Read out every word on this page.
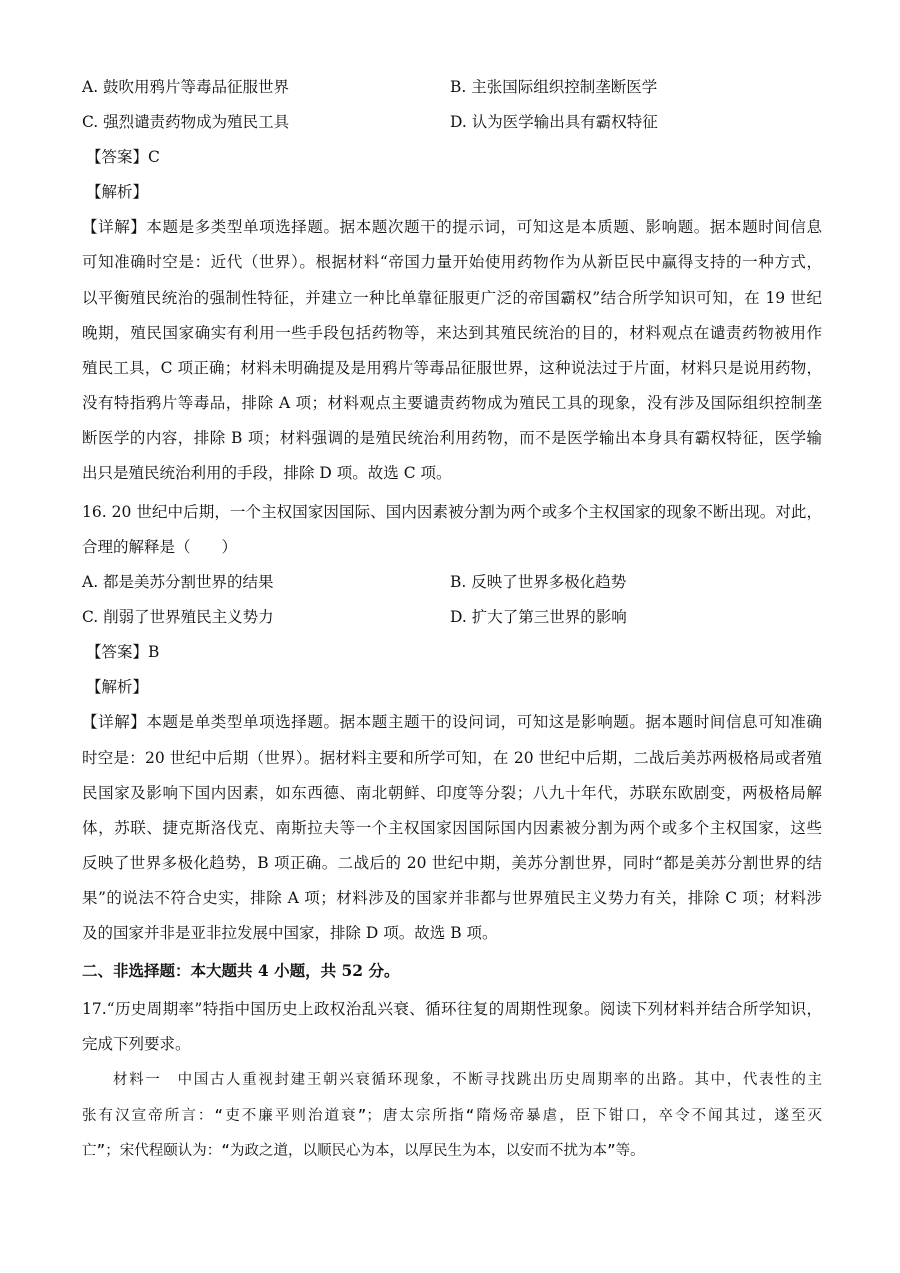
A. 鼓吹用鸦片等毒品征服世界	B. 主张国际组织控制垄断医学
C. 强烈谴责药物成为殖民工具	D. 认为医学输出具有霸权特征
【答案】C
【解析】
【详解】本题是多类型单项选择题。据本题次题干的提示词，可知这是本质题、影响题。据本题时间信息
可知准确时空是：近代（世界）。根据材料“帝国力量开始使用药物作为从新臣民中赢得支持的一种方式，
以平衡殖民统治的强制性特征，并建立一种比单靠征服更广泛的帝国霸权”结合所学知识可知，在 19 世纪
晚期，殖民国家确实有利用一些手段包括药物等，来达到其殖民统治的目的，材料观点在谴责药物被用作
殖民工具，C 项正确；材料未明确提及是用鸦片等毒品征服世界，这种说法过于片面，材料只是说用药物，
没有特指鸦片等毒品，排除 A 项；材料观点主要谴责药物成为殖民工具的现象，没有涉及国际组织控制垄
断医学的内容，排除 B 项；材料强调的是殖民统治利用药物，而不是医学输出本身具有霸权特征，医学输
出只是殖民统治利用的手段，排除 D 项。故选 C 项。
16. 20 世纪中后期，一个主权国家因国际、国内因素被分割为两个或多个主权国家的现象不断出现。对此，
合理的解释是（　　）
A. 都是美苏分割世界的结果	B. 反映了世界多极化趋势
C. 削弱了世界殖民主义势力	D. 扩大了第三世界的影响
【答案】B
【解析】
【详解】本题是单类型单项选择题。据本题主题干的设问词，可知这是影响题。据本题时间信息可知准确
时空是：20 世纪中后期（世界）。据材料主要和所学可知，在 20 世纪中后期，二战后美苏两极格局或者殖
民国家及影响下国内因素，如东西德、南北朝鲜、印度等分裂；八九十年代，苏联东欧剧变，两极格局解
体，苏联、捷克斯洛伐克、南斯拉夫等一个主权国家因国际国内因素被分割为两个或多个主权国家，这些
反映了世界多极化趋势，B 项正确。二战后的 20 世纪中期，美苏分割世界，同时“都是美苏分割世界的结
果”的说法不符合史实，排除 A 项；材料涉及的国家并非都与世界殖民主义势力有关，排除 C 项；材料涉
及的国家并非是亚非拉发展中国家，排除 D 项。故选 B 项。
二、非选择题：本大题共 4 小题，共 52 分。
17.“历史周期率”特指中国历史上政权治乱兴衰、循环往复的周期性现象。阅读下列材料并结合所学知识，
完成下列要求。
材料一　中国古人重视封建王朝兴衰循环现象，不断寻找跳出历史周期率的出路。其中，代表性的主
张有汉宣帝所言：“吏不廉平则治道衰”；唐太宗所指“隋炀帝暴虐，臣下钳口，卒令不闻其过，遂至灭
亡”；宋代程颐认为：“为政之道，以顺民心为本，以厚民生为本，以安而不扰为本”等。
